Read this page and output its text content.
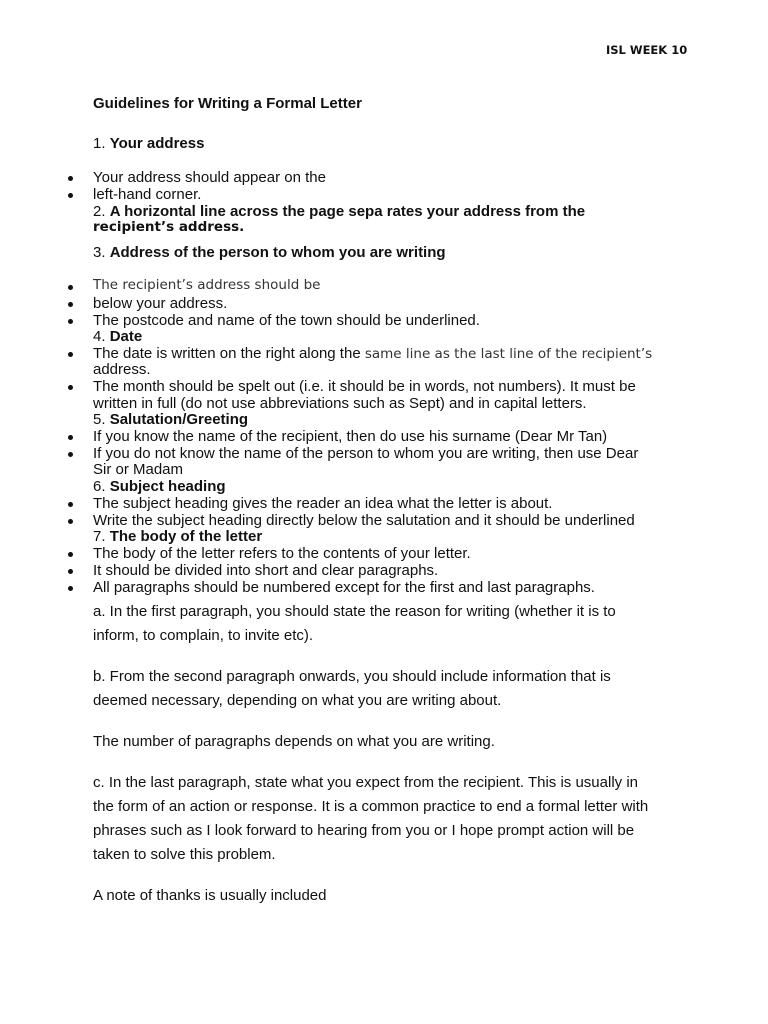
ISL WEEK 10
Guidelines for Writing a Formal Letter
1. Your address
Your address should appear on the
left-hand corner.
2. A horizontal line across the page sepa rates your address from the
recipient’s address.
3. Address of the person to whom you are writing
The recipient’s address should be
below your address.
The postcode and name of the town should be underlined.
4. Date
The date is written on the right along the same line as the last line of the recipient’s
address.
The month should be spelt out (i.e. it should be in words, not numbers). It must be
written in full (do not use abbreviations such as Sept) and in capital letters.
5. Salutation/Greeting
If you know the name of the recipient, then do use his surname (Dear Mr Tan)
If you do not know the name of the person to whom you are writing, then use Dear
Sir or Madam
6. Subject heading
The subject heading gives the reader an idea what the letter is about.
Write the subject heading directly below the salutation and it should be underlined
7. The body of the letter
The body of the letter refers to the contents of your letter.
It should be divided into short and clear paragraphs.
All paragraphs should be numbered except for the first and last paragraphs.
a. In the first paragraph, you should state the reason for writing (whether it is to
inform, to complain, to invite etc).
b. From the second paragraph onwards, you should include information that is
deemed necessary, depending on what you are writing about.
The number of paragraphs depends on what you are writing.
c. In the last paragraph, state what you expect from the recipient. This is usually in
the form of an action or response. It is a common practice to end a formal letter with
phrases such as I look forward to hearing from you or I hope prompt action will be
taken to solve this problem.
A note of thanks is usually included
